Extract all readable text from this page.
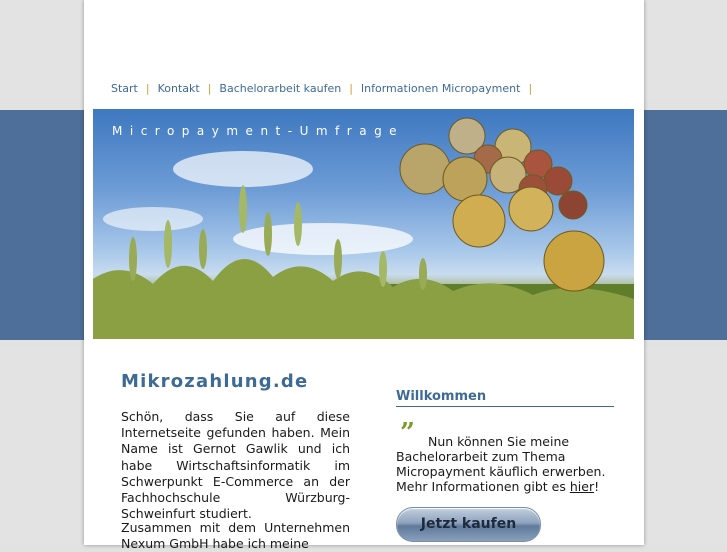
Start | Kontakt | Bachelorarbeit kaufen | Informationen Micropayment |
Micropayment-Umfrage
Mikrozahlung.de

Schön, dass Sie auf diese Internetseite gefunden haben. Mein Name ist Gernot Gawlik und ich habe Wirtschaftsinformatik im Schwerpunkt E-Commerce an der Fachhochschule Würzburg-Schweinfurt studiert.

Zusammen mit dem Unternehmen Nexum GmbH habe ich meine

Willkommen
”	Nun können Sie meine Bachelorarbeit zum Thema Micropayment käuflich erwerben. Mehr Informationen gibt es hier!

Jetzt kaufen
